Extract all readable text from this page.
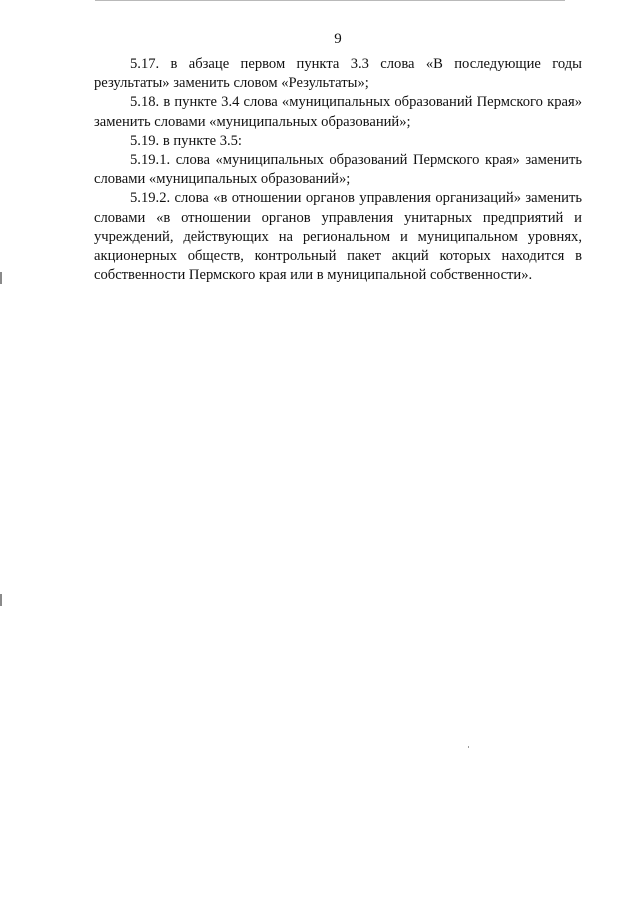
9

5.17. в абзаце первом пункта 3.3 слова «В последующие годы результаты» заменить словом «Результаты»;

5.18. в пункте 3.4 слова «муниципальных образований Пермского края» заменить словами «муниципальных образований»;

5.19. в пункте 3.5:

5.19.1. слова «муниципальных образований Пермского края» заменить словами «муниципальных образований»;

5.19.2. слова «в отношении органов управления организаций» заменить словами «в отношении органов управления унитарных предприятий и учреждений, действующих на региональном и муниципальном уровнях, акционерных обществ, контрольный пакет акций которых находится в собственности Пермского края или в муниципальной собственности».
